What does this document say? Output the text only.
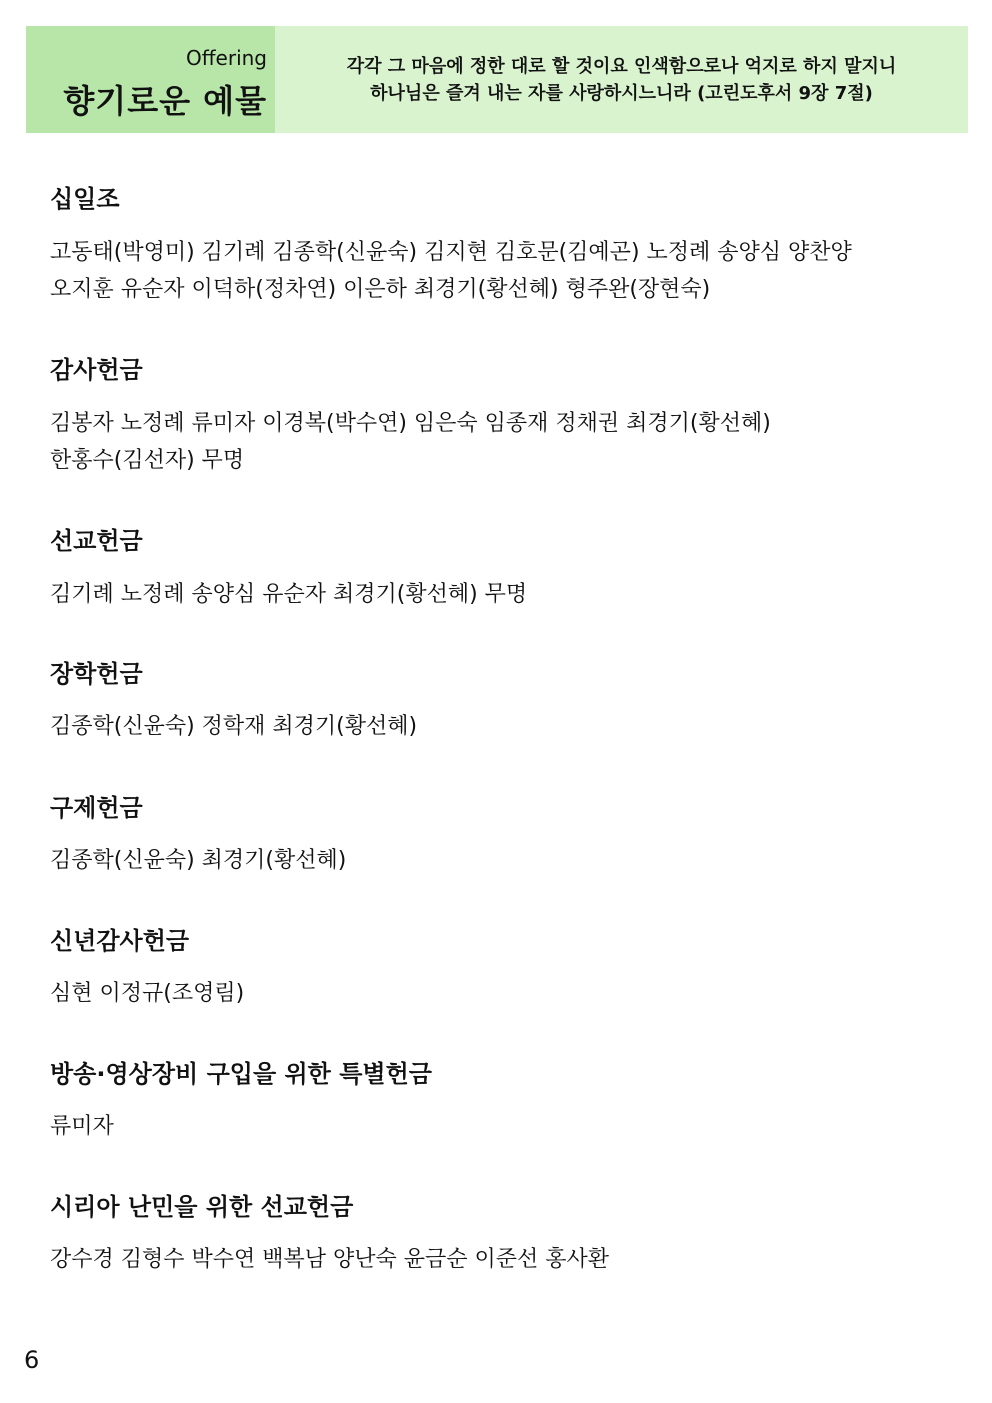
Offering
향기로운 예물
각각 그 마음에 정한 대로 할 것이요 인색함으로나 억지로 하지 말지니
하나님은 즐겨 내는 자를 사랑하시느니라 (고린도후서 9장 7절)
십일조
고동태(박영미) 김기례 김종학(신윤숙) 김지현 김호문(김예곤) 노정례 송양심 양찬양
오지훈 유순자 이덕하(정차연) 이은하 최경기(황선혜) 형주완(장현숙)
감사헌금
김봉자 노정례 류미자 이경복(박수연) 임은숙 임종재 정채권 최경기(황선혜)
한홍수(김선자) 무명
선교헌금
김기례 노정례 송양심 유순자 최경기(황선혜) 무명
장학헌금
김종학(신윤숙) 정학재 최경기(황선혜)
구제헌금
김종학(신윤숙) 최경기(황선혜)
신년감사헌금
심현 이정규(조영림)
방송·영상장비 구입을 위한 특별헌금
류미자
시리아 난민을 위한 선교헌금
강수경 김형수 박수연 백복남 양난숙 윤금순 이준선 홍사환
6
